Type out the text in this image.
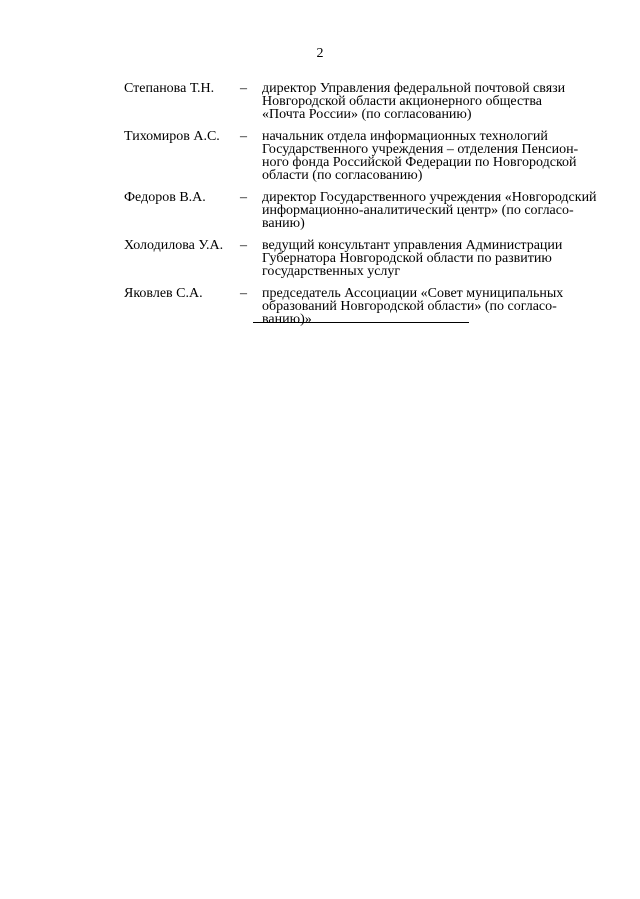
2
Степанова Т.Н.	–	директор Управления федеральной почтовой связи
Новгородской области акционерного общества
«Почта России» (по согласованию)
Тихомиров А.С.	–	начальник отдела информационных технологий
Государственного учреждения – отделения Пенсион-
ного фонда Российской Федерации по Новгородской
области (по согласованию)
Федоров В.А.	–	директор Государственного учреждения «Новгородский
информационно-аналитический центр» (по согласо-
ванию)
Холодилова У.А.	–	ведущий консультант управления Администрации
Губернатора Новгородской области по развитию
государственных услуг
Яковлев С.А.	–	председатель Ассоциации «Совет муниципальных
образований Новгородской области» (по согласо-
ванию)»
